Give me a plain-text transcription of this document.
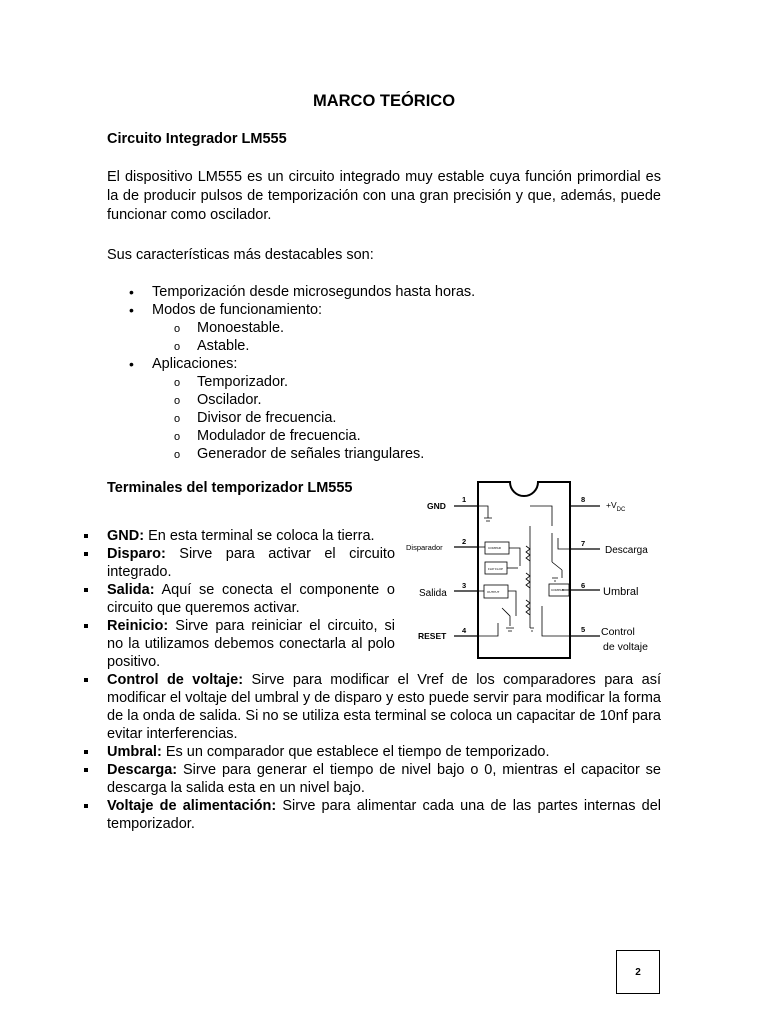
MARCO TEÓRICO
Circuito Integrador LM555

El dispositivo LM555 es un circuito integrado muy estable cuya función primordial es la de producir pulsos de temporización con una gran precisión y que, además, puede funcionar como oscilador.

Sus características más destacables son:

• Temporización desde microsegundos hasta horas.
• Modos de funcionamiento:
o Monoestable.
o Astable.
• Aplicaciones:
o Temporizador.
o Oscilador.
o Divisor de frecuencia.
o Modulador de frecuencia.
o Generador de señales triangulares.
Terminales del temporizador LM555

GND: En esta terminal se coloca la tierra.

Disparo: Sirve para activar el circuito integrado.

Salida: Aquí se conecta el componente o circuito que queremos activar.

Reinicio: Sirve para reiniciar el circuito, si no la utilizamos debemos conectarla al polo positivo.

Control de voltaje: Sirve para modificar el Vref de los comparadores para así modificar el voltaje del umbral y de disparo y esto puede servir para modificar la forma de la onda de salida. Si no se utiliza esta terminal se coloca un capacitar de 10nf para evitar interferencias.

Umbral: Es un comparador que establece el tiempo de temporizado.

Descarga: Sirve para generar el tiempo de nivel bajo o 0, mientras el capacitor se descarga la salida esta en un nivel bajo.

Voltaje de alimentación: Sirve para alimentar cada una de las partes internas del temporizador.

COMPAR
FLIP FLOP
OUTPUT	COMPAR
1
2
3
4	5
6
7
8
GND
Disparador
Salida
RESET
$+V_{DC}$
Descarga
Umbral
Control
de voltaje
2
